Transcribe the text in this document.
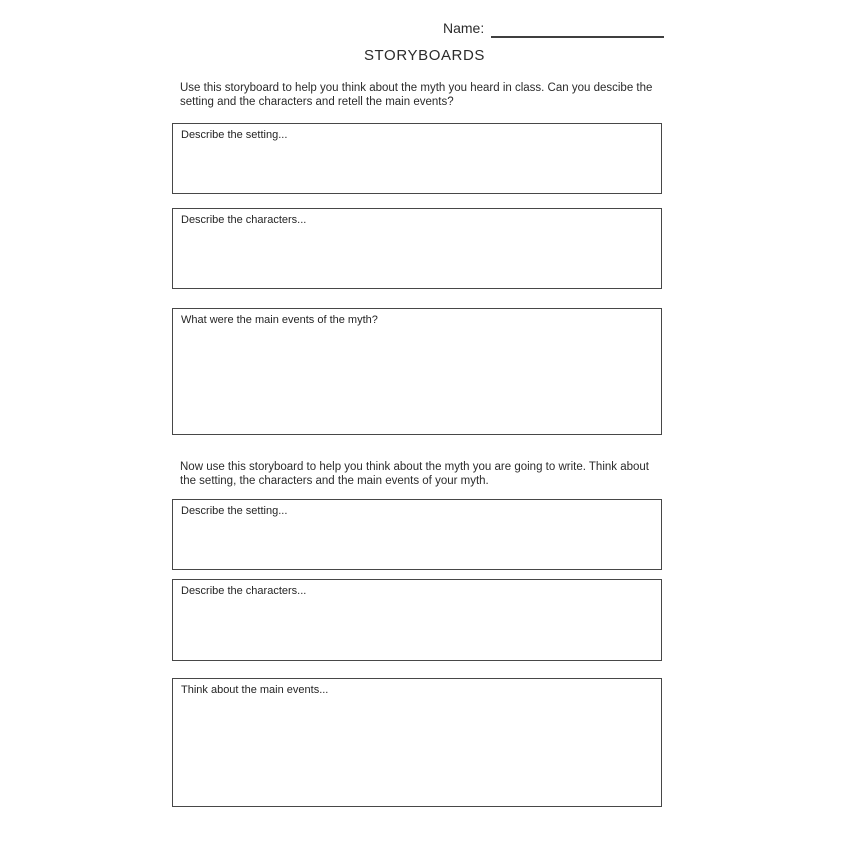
Name:
STORYBOARDS

Use this storyboard to help you think about the myth you heard in class. Can you descibe the setting and the characters and retell the main events?

Describe the setting...
Describe the characters...
What were the main events of the myth?

Now use this storyboard to help you think about the myth you are going to write. Think about the setting, the characters and the main events of your myth.

Describe the setting...
Describe the characters...
Think about the main events...
